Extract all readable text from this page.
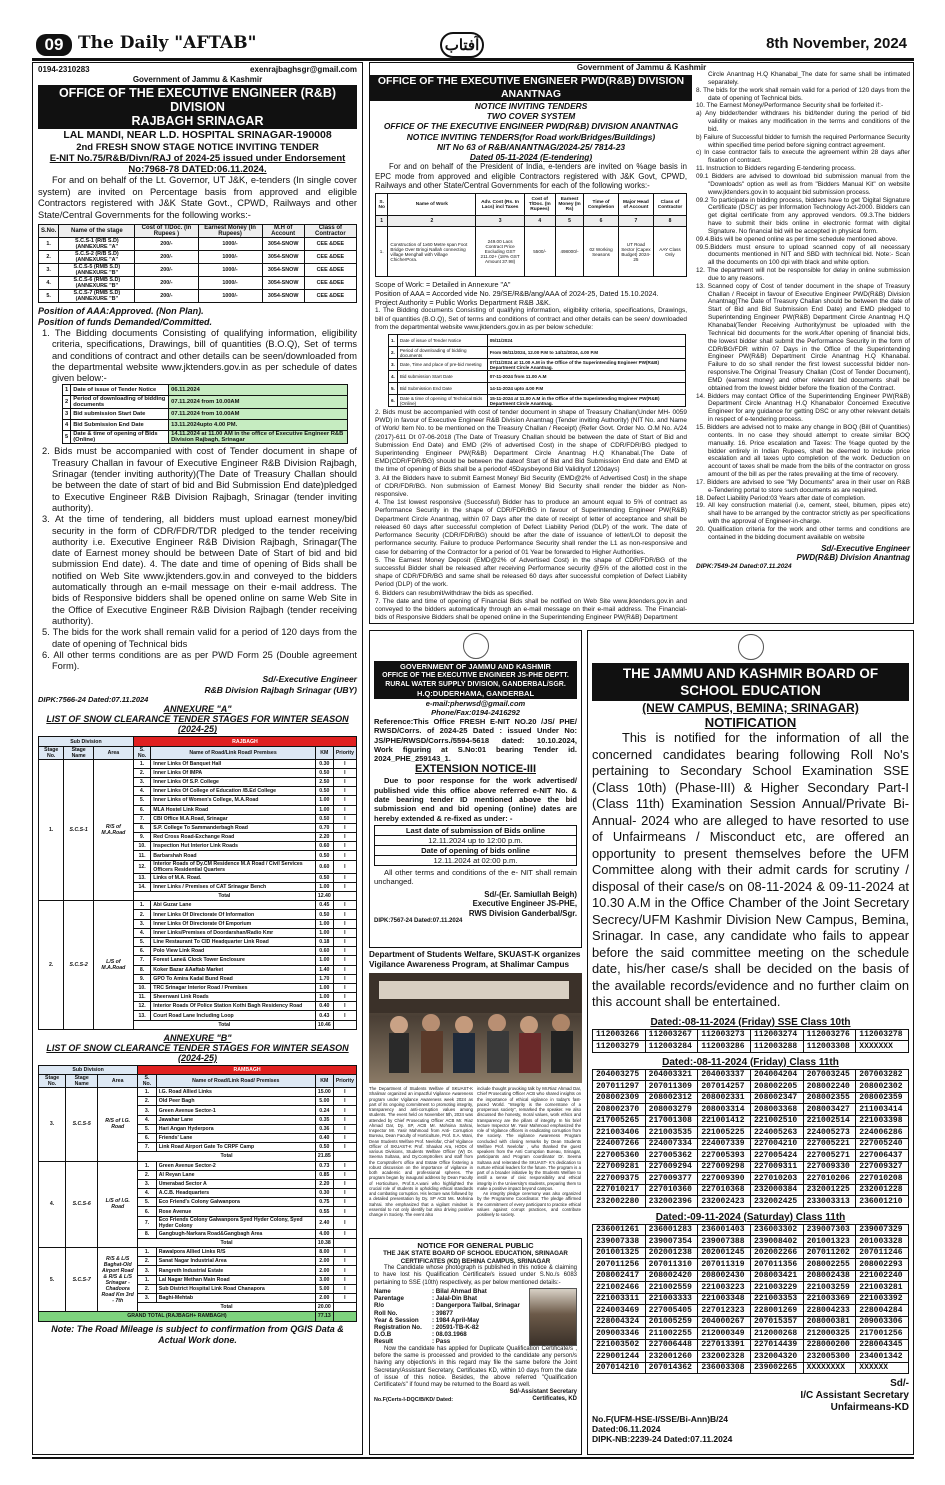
09 The Daily "AFTAB"	آفتاب	8th November, 2024
0194-2310283	exenrajbaghsgr@gmail.com
Government of Jammu & Kashmir
OFFICE OF THE EXECUTIVE ENGINEER (R&B) DIVISION
RAJBAGH SRINAGAR
LAL MANDI, NEAR L.D. HOSPITAL SRINAGAR-190008
2nd FRESH SNOW STAGE NOTICE INVITING TENDER
E-NIT No.75/R&B/Divn/RAJ of 2024-25 issued under Endorsement No:7968-78 DATED:06.11.2024.
For and on behalf of the Lt. Governor, UT J&K, e-tenders (In single cover system) are invited on Percentage basis from approved and eligible Contractors registered with J&K State Govt., CPWD, Railways and other State/Central Governments for the following works:-
S.No.	Name of the stage	Cost of T/Doc. (In Rupees )	Earnest Money (In Rupees)	M.H of Account	Class of Contractor
1.	S.C.S-1 (R/B S.D) (ANNEXURE "A"	200/-	1000/-	3054-SNOW	CEE &DEE
2.	S.C.S-2 (R/B S.D) (ANNEXURE "A"	200/-	1000/-	3054-SNOW	CEE &DEE
3.	S.C.S-5 (RMB S.D) (ANNEXURE "B"	200/-	1000/-	3054-SNOW	CEE &DEE
4.	S.C.S-6 (RMB S.D) (ANNEXURE "B"	200/-	1000/-	3054-SNOW	CEE &DEE
5.	S.C.S-7 (RMB S.D) (ANNEXURE "B"	200/-	1000/-	3054-SNOW	CEE &DEE
Position of AAA:Approved. (Non Plan).
Position of funds Demanded/Committed.
1. The Bidding documents Consisting of qualifying information, eligibility criteria, specifications, Drawings, bill of quantities (B.O.Q), Set of terms and conditions of contract and other details can be seen/downloaded from the departmental website www.jktenders.gov.in as per schedule of dates given below:-
1	Date of issue of Tender Notice	06.11.2024
2	Period of downloading of bidding documents	07.11.2024 from 10.00AM
3	Bid submission Start Date	07.11.2024 from 10.00AM
4	Bid Submission End Date	13.11.2024upto 4.00 PM.
5	Date & time of opening of Bids (Online)	14.11.2024 at 11.00 AM in the office of Executive Engineer R&B Division Rajbagh, Srinagar
2. Bids must be accompanied with cost of Tender document in shape of Treasury Challan in favour of Executive Engineer R&B Division Rajbagh, Srinagar (tender inviting authority)(The Date of Treasury Challan should be between the date of start of bid and Bid Submission End date)pledged to Executive Engineer R&B Division Rajbagh, Srinagar (tender inviting authority).
3. At the time of tendering, all bidders must upload earnest money/bid security in the form of CDR/FDR/TDR pledged to the tender receiving authority i.e. Executive Engineer R&B Division Rajbagh, Srinagar(The date of Earnest money should be between Date of Start of bid and bid submission End date). 4. The date and time of opening of Bids shall be notified on Web Site www.jktenders.gov.in and conveyed to the bidders automatically through an e-mail message on their e-mail address. The bids of Responsive bidders shall be opened online on same Web Site in the Office of Executive Engineer R&B Division Rajbagh (tender receiving authority).
5. The bids for the work shall remain valid for a period of 120 days from the date of opening of Technical bids
6. All other terms conditions are as per PWD Form 25 (Double agreement Form).
Sd/-Executive Engineer
R&B Division Rajbagh Srinagar (UBY)
DIPK:7566-24 Dated:07.11.2024
ANNEXURE "A"
LIST OF SNOW CLEARANCE TENDER STAGES FOR WINTER SEASON
(2024-25)
Sub Division			RAJBAGH			
Stage No.	Stage Name	Area	S. No.	Name of Road/Link Road/ Premises	KM	Priority
1.	S.C.S-1	R/S of M.A.Road	1.	Inner Links Of Banquet Hall	0.30	I
			2.	Inner Links Of IMPA	0.50	I
			3.	Inner Links Of S.P. College	2.50	I
			4.	Inner Links Of College of Education /B.Ed College	0.50	I
			5.	Inner Links of Women's College, M.A.Road	1.00	I
			6.	MLA Hostel Link Road	1.00	I
			7.	CBI Office M.A.Road, Srinagar	0.50	I
			8.	S.P. College To Sammanderbagh Road	0.70	I
			9.	Red Cross Road-Exchange Road	2.20	I
			10.	Inspection Hut Interior Link Roads	0.60	I
			11.	Barbarshah Road	0.50	I
			12.	Interior Roads of Dy.CM Residence M.A Road / Civil Services Officers Residential Quarters	0.60	I
			13.	Links of M.A. Road.	0.50	I
			14.	Inner Links / Premises of CAT Srinagar Bench	1.00	I
			Total		12.40	
2.	S.C.S-2	L/S of M.A.Road	1.	Abi Guzar Lane	0.45	I
			2.	Inner Links Of Directorate Of Information	0.50	I
			3.	Inner Links Of Directorate Of Emporium	1.00	I
			4.	Inner Links/Premises of Doordarshan/Radio Kmr	1.00	I
			5.	Line Restaurant To CID Headquarter Link Road	0.18	I
			6.	Polo View Link Road	0.60	I
			7.	Forest Lane& Clock Tower Enclosure	1.00	I
			8.	Koker Bazar &Aaftab Market	1.40	I
			9.	GPO To Amira Kadal Bund Road	1.70	I
			10.	TRC Srinagar Interior Road / Premises	1.00	I
			11.	Sheerwani Link Roads	1.00	I
			12.	Interior Roads Of Police Station Kothi Bagh Residency Road	0.40	I
			13.	Court Road Lane Including Loop	0.43	I
			Total		10.46	
ANNEXURE "B"
LIST OF SNOW CLEARANCE TENDER STAGES FOR WINTER SEASON
(2024-25)
Sub Division			RAMBAGH			
Stage No.	Stage Name	Area	S. No.	Name of Road/Link Road/ Premises	KM	Priority
3.	S.C.S-5	R/S of I.G. Road	1.	I.G. Road Allied Links	15.00	I
			2.	Old Peer Bagh	5.00	I
			3.	Green Avenue Sector-1	0.24	I
			4.	Jawahar Lane	0.35	I
			5.	Hari Angan Hyderpora	0.36	I
			6.	Friends' Lane	0.40	I
			7.	Link Road Airport Gate To CRPF Camp	0.50	I
			Total		21.85	
4.	S.C.S-6	L/S of I.G. Road	1.	Green Avenue Sector-2	0.73	I
			2.	Al Reyan Lane	0.85	I
			3.	Umerabad Sector A	2.20	I
			4.	A.C.B. Headquarters	0.30	I
			5.	Eco Friend's Colony Galwanpora	0.75	I
			6.	Rose Avenue	0.55	I
			7.	Eco Friends Colony Galwanpora Syed Hyder Colony, Syed Hyder Colony	2.40	I
			8.	Gangbugh-Narkara Road&Gangbagh Area	4.00	I
			Total		10.38	
5.	S.C.S-7	R/S & L/S Baghat-Old Airport Road & R/S & L/S Srinagar - Chadoora Road Km 3rd - 7th	1.	Rawalpora Allied Links R/S	8.00	I
			2.	Sanat Nagar Industrial Area	2.00	I
			3.	Rangreth Industrial Estate	2.00	I
			1.	Lal Nagar Methan Main Road	3.00	I
			2.	Sub District Hospital Link Road Chanapora	5.00	I
			3.	Baghi-Mehtab	2.00	I
			Total		20.00	
GRAND TOTAL (RAJBAGH+ RAMBAGH)					77.13	
Note: The Road Mileage is subject to confirmation from QGIS Data & Actual Work done.
Government of Jammu & Kashmir
OFFICE OF THE EXECUTIVE ENGINEER PWD(R&B) DIVISION ANANTNAG
NOTICE INVITING TENDERS
TWO COVER SYSTEM
OFFICE OF THE EXECUTIVE ENGINEER PWD(R&B) DIVISION ANANTNAG
NOTICE INVITING TENDERS(for Road work/Bridges/Buildings)
NIT No 63 of R&B/ANANTNAG/2024-25/ 7814-23
Dated 05-11-2024 (E-tendering)
For and on behalf of the President of India, e-tenders are invited on %age basis in EPC mode from approved and eligible Contractors registered with J&K Govt, CPWD, Railways and other State/Central Governments for each of the following works:-
S. No	Name of Work	Adv. Cost (Rs. In Lacs) incl Taxes	Cost of T/Doc. (In Rupees)	Earnest Money (In Rs)	Time of Completion	Major Head of Account	Class of Contractor
1	2	3	4	5	6	7	8
1.	Construction of 1x60 Metre span Foot Bridge Over Bringi Nallah connecting village Menghall with Village ChicherPora.	249.00 Lacs Contract Price Excluding GST 211.02+ (18% GST Amount 37.98)	5500/-	498000/-	02 Working Seasons	UT Road Sector (Capex Budget) 2024-25	AAY Class Only
Scope of Work: = Detailed in Annexure "A"
Position of AAA = Accorded vide No. 29/SE/R&B/ang/AAA of 2024-25, Dated 15.10.2024.
Project Authority = Public Works Department R&B J&K.
1. The Bidding documents Consisting of qualifying information, eligibility criteria, specifications, Drawings, bill of quantities (B.O.Q), Set of terms and conditions of contract and other details can be seen/ downloaded from the departmental website www.jktenders.gov.in as per below schedule:
1.	Date of issue of Tender Notice	05/11/2024
2.	Period of downloading of bidding documents	From 06/11/2024, 12.00 P.M to 14/11/2024, 4.00 P.M
3.	Date, Time and place of pre-bid meeting	07/11/2024 at 11.00 A.M in the Office of the Superintending Engineer PW(R&B) Department Circle Anantnag.
4.	Bid submission Start Date	07-11-2024 from 11.00 A.M
5.	Bid Submission End Date	14-11-2024 upto 4.00 P.M
6.	Date & time of opening of Technical Bids (Online)	15-11-2024 at 11.00 A.M in the Office of the Superintending Engineer PW(R&B) Department Circle Anantnag.
2. Bids must be accompanied with cost of tender document in shape of Treasury Challan(Under MH- 0059 PWD) in favour of Executive Engineer R&B Division Anantnag (Tender inviting Authority) (NIT No. and Name of Work/ Item No. to be mentioned on the Treasury Challan / Receipt) (Refer Govt. Order No. O.M No. A/24 (2017)-611 Dt 07-06-2018 (The Date of Treasury Challan should be between the date of Start of Bid and Submission End Date) and EMD (2% of advertised Cost) in the shape of CDR/FDR/BG pledged to Superintending Engineer PW(R&B) Department Circle Anantnag H.Q Khanabal.(The Date of EMD(CDR/FDR/BG) should be between the dateof Start of Bid and Bid Submission End date and EMD at the time of opening of Bids shall be a periodof 45Daysbeyond Bid Validityof 120days)
3. All the Bidders have to submit Earnest Money/ Bid Security (EMD@2% of Advertised Cost) in the shape of CDR/FDR/BG. Non submission of Earnest Money/ Bid Security shall render the bidder as Non-responsive.
4. The 1st lowest responsive (Successful) Bidder has to produce an amount equal to 5% of contract as Performance Security in the shape of CDR/FDR/BG in favour of Superintending Engineer PW(R&B) Department Circle Anantnag, within 07 Days after the date of receipt of letter of acceptance and shall be released 60 days after successful completion of Defect Liability Period (DLP) of the work. The date of Performance Security (CDR/FDR/BG) should be after the date of issuance of letter/LOI to deposit the performance security. Failure to produce Performance Security shall render the L1 as non-responsive and case for debarring of the Contractor for a period of 01 Year be forwarded to Higher Authorities.
5. The Earnest Money Deposit (EMD@2% of Advertised Cost) in the shape of CDR/FDR/BG of the successful Bidder shall be released after receiving Performance security @5% of the allotted cost in the shape of CDR/FDR/BG and same shall be released 60 days after successful completion of Defect Liability Period (DLP) of the work.
6. Bidders can resubmit/withdraw the bids as specified.
7. The date and time of opening of Financial Bids shall be notified on Web Site www.jktenders.gov.in and conveyed to the bidders automatically through an e-mail message on their e-mail address. The Financial-bids of Responsive Bidders shall be opened online in the Superintending Engineer PW(R&B) Department
Circle Anantnag H.Q Khanabal_The date for same shall be intimated separately.
8. The bids for the work shall remain valid for a period of 120 days from the date of opening of Technical bids.
10. The Earnest Money/Performance Security shall be forfeited if:-
a) Any bidder/tender withdraws his bid/tender during the period of bid validity or makes any modification in the terms and conditions of the bid.
b) Failure of Successful bidder to furnish the required Performance Security within specified time period before signing contract agreement.
c) In case contractor fails to execute the agreement within 28 days after fixation of contract.
11. Instruction to Bidders regarding E-tendering process.
09.1 Bidders are advised to download bid submission manual from the "Downloads" option as well as from "Bidders Manual Kit" on website www.jktenders.gov.in to acquaint bid submission process.
09.2 To participate in bidding process, bidders have to get 'Digital Signature Certificate (DSC)' as per Information Technology Act-2000. Bidders can get digital certificate from any approved vendors. 09.3.The bidders have to submit their bids online in electronic format with digital Signature. No financial bid will be accepted in physical form.
09.4.Bids will be opened online as per time schedule mentioned above.
09.5.Bidders must ensure to upload scanned copy of all necessary documents mentioned in NIT and SBD with technical bid. Note:- Scan all the documents on 100 dpi with black and white option.
12. The department will not be responsible for delay in online submission due to any reasons.
13. Scanned copy of Cost of tender document in the shape of Treasury Challan / Receipt in favour of Executive Engineer PWD(R&B) Division Anantnag(The Date of Treasury Challan should be between the date of Start of Bid and Bid Submission End Date) and EMD pledged to Superintending Engineer PW(R&B) Department Circle Anantnag H.Q Khanabal(Tender Receiving Authority)must be uploaded with the Technical bid documents for the work.After opening of financial bids, the lowest bidder shall submit the Performance Security in the form of CDR/BG/FDR within 07 Days in the Office of the Superintending Engineer PW(R&B) Department Circle Anantnag H.Q Khanabal. Failure to do so shall render the first lowest successful bidder non-responsive.The Original Treasury Challan (Cost of Tender Document), EMD (earnest money) and other relevant bid documents shall be obtained from the lowest bidder before the fixation of the Contract.
14. Bidders may contact Office of the Superintending Engineer PW(R&B) Department Circle Anantnag H.Q Khanabalor Concerned Executive Engineer for any guidance for getting DSC or any other relevant details in respect of e-tendering process.
15. Bidders are advised not to make any change in BOQ (Bill of Quantities) contents. In no case they should attempt to create similar BOQ manually. 16. Price escalation and Taxes: The %age quoted by the bidder entirely in Indian Rupees, shall be deemed to include price escalation and all taxes upto completion of the work. Deduction on account of taxes shall be made from the bills of the contractor on gross amount of the bill as per the rates prevailing at the time of recovery.
17. Bidders are advised to see "My Documents" area in their user on R&B e-Tendering portal to store such documents as are required.
18. Defect Liability Period:03 Years after date of completion.
19. All key construction material (i.e, cement, steel, bitumen, pipes etc) shall have to be arranged by the contractor strictly as per specifications with the approval of Engineer-in-charge.
20. Qualification criteria for the work and other terms and conditions are contained in the bidding document available on website
Sd/-Executive Engineer
PWD(R&B) Division Anantnag
DIPK:7549-24 Dated:07.11.2024
GOVERNMENT OF JAMMU AND KASHMIR
OFFICE OF THE EXECUTIVE ENGINEER JS-PHE DEPTT.
RURAL WATER SUPPLY DIVISION, GANDERBAL/SGR.
H.Q:DUDERHAMA, GANDERBAL
e-mail:pherwsd@gmail.com
Phone/Fax:0194-2416292
Reference:This Office FRESH E-NIT NO.20 /JS/ PHE/ RWSD/Corrs. of 2024-25 Dated : issued Under No: JS/PHE/RWSD/Corrs./5594-5618 dated: 10.10.2024, Work figuring at S.No:01 bearing Tender id. 2024_PHE_259143_1.
EXTENSION NOTICE-III
Due to poor response for the work advertised/ published vide this office above referred e-NIT No. & date bearing tender ID mentioned above the bid submission end and bid opening (online) dates are hereby extended & re-fixed as under: -
Last date of submission of Bids online
12.11.2024 up to 12:00 p.m.
Date of opening of bids online
12.11.2024 at 02:00 p.m.
All other terms and conditions of the e- NIT shall remain unchanged.
Sd/-(Er. Samiullah Beigh)
Executive Engineer JS-PHE,
RWS Division Ganderbal/Sgr.
DIPK:7567-24 Dated:07.11.2024
Department of Students Welfare, SKUAST-K organizes Vigilance Awareness Program, at Shalimar Campus
The Department of Students Welfare of SKUAST-K Shalimar organized an impactful Vigilance Awareness program under Vigilance Awareness week 2024 as part of its ongoing commitment to promoting integrity, transparency and anti-corruption values among students. The event held on November 5th, 2024 was attended by Chief Prosecuting Officer ACB Mr. Riaz Ahmad Dar, Dy. SP, ACB Mr. Mohsina Sahrai, Inspector Mr. Yasir Mahmood from Anti- Corruption Bureau, Dean Faculty of Horticulture, Prof. S.A. Wani, Dean Students Welfare Prof. Neelofar, Chief Vigilance Officer of SKUAST-K Prof. Shaukat Ara, HODs of various Divisions, Students Welfare Officer (W) Dr. Seema Sultana, and Dy.Comptrollers and staff from the Comptroller's office and Estate Office fostering a robust discussion on the importance of vigilance in both academic and professional spheres. The program began by inaugural address by Dean Faculty of Horticulture, Prof.S.A.wani who highlighted the crucial role of students in upholding ethical standards and combating corruption. His lecture was followed by a detailed presentation by Dy. SP ACB Ms. Mohsina Sahrai. She emphasized that a vigilant mindset is essential to not only identify but also driving positive change in Society. The event also
include thought provoking talk by Mr.Riaz Ahmad Dar, Chief Prosecuting Officer ACB who shared insights on the importance of ethical vigilance in today's fast-paced World. "Integrity is the cornerstone of a prosperous society", remarked the speaker. He also discussed the honesty, moral values, work ethics and transparency are the pillars of integrity. In his brief lecture Inspector Mr. Yasir Mahmood emphasized the role of Vigilance officers in eradicating corruption from the society. The vigilance Awareness Program concluded with closing remarks by Dean Students Welfare Prof. Neelofar , who thanked the guest speakers from the Anti Corruption Bureau, Srinagar, participants and Program coordinator Dr. Seema Sultana and reiterated the SKUAST- K's dedication to nurture ethical leaders for the future. The program is a part of a broader initiative by the Students Welfare to instill a sense of civic responsibility and ethical integrity in the University's students, preparing them to make a positive impact beyond campus.
An integrity pledge ceremony was also organized by the Programme Coordinator. The pledge affirmed the commitment of every participant to practice ethical values against corrupt practices, and contribute positively to society.
NOTICE FOR GENERAL PUBLIC
THE J&K STATE BOARD OF SCHOOL EDUCATION, SRINAGAR
CERTIFICATES (KD) BEHINA CAMPUS, SRINAGAR
The Candidate whose photograph is published in this notice & claiming to have lost his Qualification Certificate/s issued under S.No./s 6083 pertaining to SSE (10th) respectively, as per below mentioned details:-
Name	: Bilal Ahmad Bhat
Parentage	: Jalal-Din Bhat
R/o	: Dangerpora Tailbal, Srinagar
Roll No.	: 39877
Year & Session	: 1984 April-May
Registration No.	: 20591-TB-K-82
D.O.B	: 08.03.1968
Result	: Pass
Now the candidate has applied for Duplicate Qualification Certificate/s , before the same is processed and provided to the candidate any person/s having any objection/s in this regard may file the same before the Joint Secretary/Assistant Secretary, Certificates KD, within 10 days from the date of issue of this notice. Besides, the above referred "Qualification Certificate/s" if found may be returned to the Board as well.
No.F(Certs-I-DQC/B/KD/ Dated:
Sd/-Assistant Secretary
Certificates, KD
THE JAMMU AND KASHMIR BOARD OF SCHOOL EDUCATION
(NEW CAMPUS, BEMINA; SRINAGAR)
NOTIFICATION
This is notified for the information of all the concerned candidates bearing following Roll No's pertaining to Secondary School Examination SSE (Class 10th) (Phase-III) & Higher Secondary Part-I (Class 11th) Examination Session Annual/Private Bi-Annual- 2024 who are alleged to have resorted to use of Unfairmeans / Misconduct etc, are offered an opportunity to present themselves before the UFM Committee along with their admit cards for scrutiny / disposal of their case/s on 08-11-2024 & 09-11-2024 at 10.30 A.M in the Office Chamber of the Joint Secretary Secrecy/UFM Kashmir Division New Campus, Bemina, Srinagar. In case, any candidate who fails to appear before the said committee meeting on the schedule date, his/her case/s shall be decided on the basis of the available records/evidence and no further claim on this account shall be entertained.
Dated:-08-11-2024 (Friday) SSE Class 10th
112003266	112003267	112003273	112003274	112003276	112003278
112003279	112003284	112003286	112003288	112003308	XXXXXXX
Dated:-08-11-2024 (Friday) Class 11th
204003275	204003321	204003337	204004204	207003245	207003282
207011297	207011309	207014257	208002205	208002240	208002302
208002309	208002312	208002331	208002347	208002355	208002359
208002370	208003279	208003314	208003368	208003427	211003414
217005265	217001308	221001412	221002510	221002514	221003398
221003406	221003535	221005225	224005263	224005273	224006286
224007266	224007334	224007339	227004210	227005221	227005240
227005360	227005362	227005393	227005424	227005271	227006437
227009281	227009294	227009298	227009311	227009330	227009327
227009375	227009377	227009390	227010203	227010206	227010208
227010217	227010360	227010368	232000384	232001225	232001228
232002280	232002396	232002423	232002425	233003313	236001210
Dated:-09-11-2024 (Saturday) Class 11th
236001261	236001283	236001403	236003302	239007303	239007329
239007338	239007354	239007388	239008402	201001323	201003328
201001325	202001238	202001245	202002266	207011202	207011246
207011256	207011310	207011319	207011356	208002255	208002293
208002417	208002420	208002430	208003421	208002438	221002240
221002466	221002559	221003223	221003229	221003259	221003281
221003311	221003333	221003348	221003353	221003369	221003392
224003469	227005405	227012323	228001269	228004233	228004284
228004324	201005259	204000267	207015357	208000381	209003306
209003346	211002255	212000349	212000268	212000325	217001256
221003502	227006448	227013391	227014439	228000200	228004345
229001244	232001260	232002328	232004320	232005300	234001342
207014210	207014362	236003308	239002265	XXXXXXXX	XXXXXX
Sd/-
I/C Assistant Secretary
Unfairmeans-KD
No.F(UFM-HSE-I/SSE/Bi-Ann)B/24
Dated:06.11.2024
DIPK-NB:2239-24 Dated:07.11.2024
